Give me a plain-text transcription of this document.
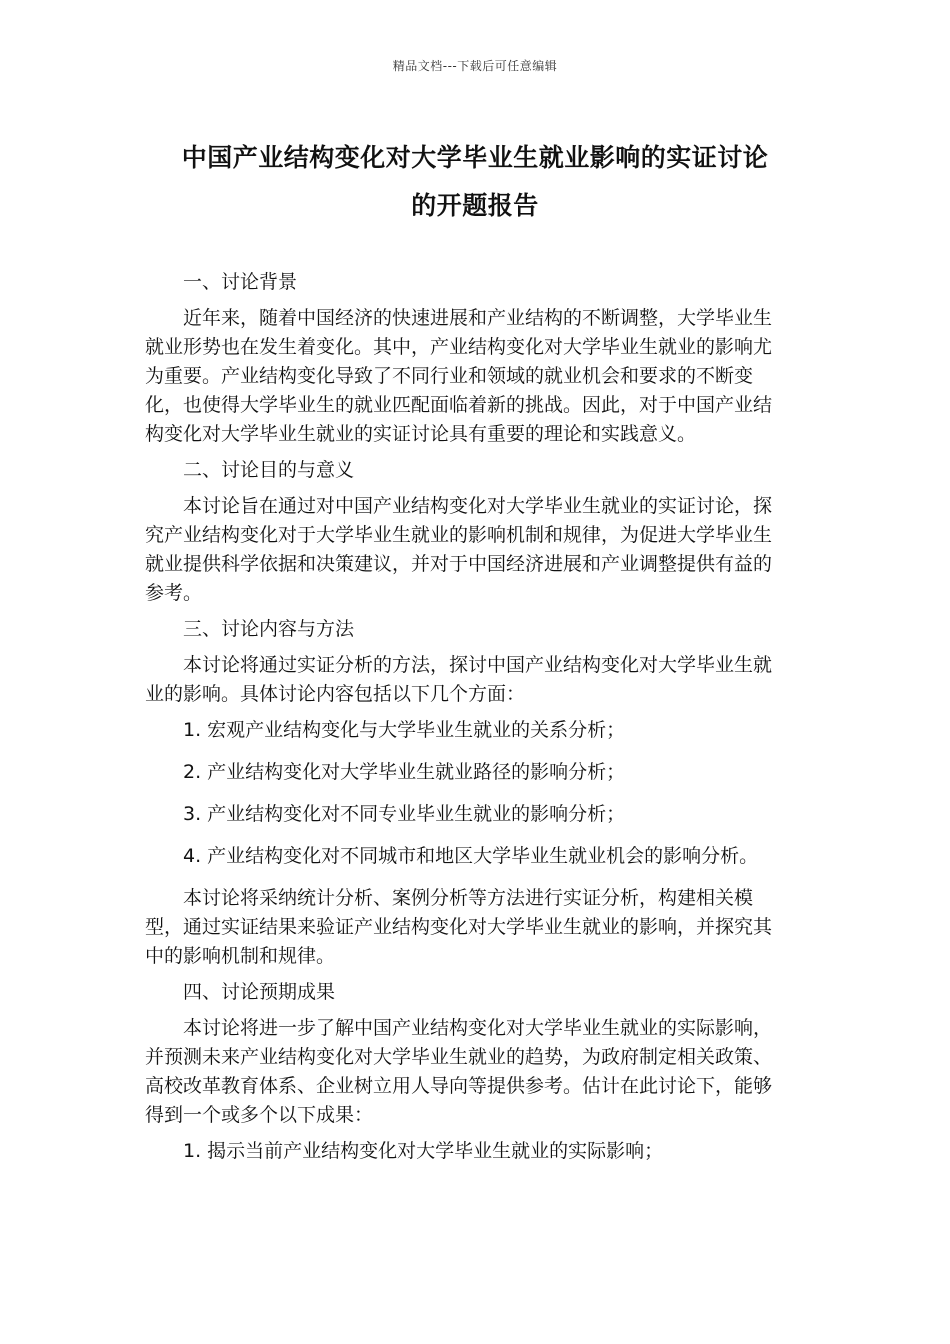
精品文档---下载后可任意编辑
中国产业结构变化对大学毕业生就业影响的实证讨论
的开题报告

一、讨论背景

近年来，随着中国经济的快速进展和产业结构的不断调整，大学毕业生就业形势也在发生着变化。其中，产业结构变化对大学毕业生就业的影响尤为重要。产业结构变化导致了不同行业和领域的就业机会和要求的不断变化，也使得大学毕业生的就业匹配面临着新的挑战。因此，对于中国产业结构变化对大学毕业生就业的实证讨论具有重要的理论和实践意义。

二、讨论目的与意义

本讨论旨在通过对中国产业结构变化对大学毕业生就业的实证讨论，探究产业结构变化对于大学毕业生就业的影响机制和规律，为促进大学毕业生就业提供科学依据和决策建议，并对于中国经济进展和产业调整提供有益的参考。

三、讨论内容与方法

本讨论将通过实证分析的方法，探讨中国产业结构变化对大学毕业生就业的影响。具体讨论内容包括以下几个方面：

1. 宏观产业结构变化与大学毕业生就业的关系分析；

2. 产业结构变化对大学毕业生就业路径的影响分析；

3. 产业结构变化对不同专业毕业生就业的影响分析；

4. 产业结构变化对不同城市和地区大学毕业生就业机会的影响分析。

本讨论将采纳统计分析、案例分析等方法进行实证分析，构建相关模型，通过实证结果来验证产业结构变化对大学毕业生就业的影响，并探究其中的影响机制和规律。

四、讨论预期成果

本讨论将进一步了解中国产业结构变化对大学毕业生就业的实际影响，并预测未来产业结构变化对大学毕业生就业的趋势，为政府制定相关政策、高校改革教育体系、企业树立用人导向等提供参考。估计在此讨论下，能够得到一个或多个以下成果：

1. 揭示当前产业结构变化对大学毕业生就业的实际影响；
